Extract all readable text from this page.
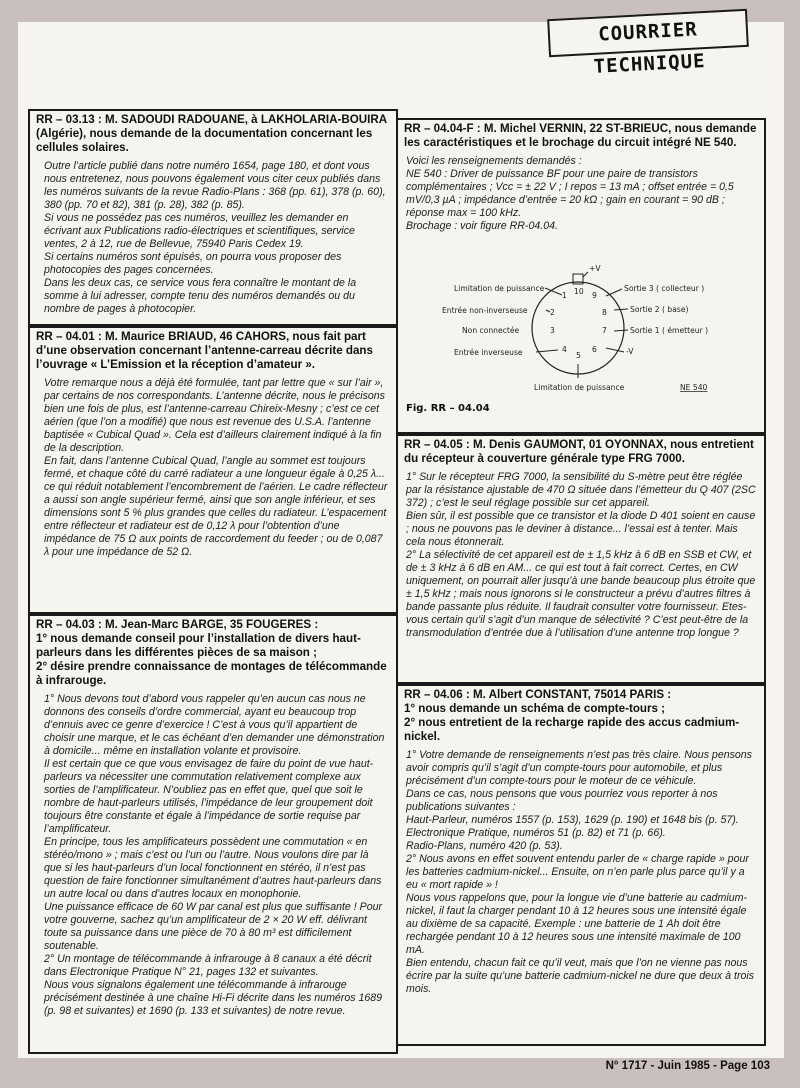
COURRIER TECHNIQUE
RR – 03.13 : M. SADOUDI RADOUANE, à LAKHOLARIA-BOUIRA (Algérie), nous demande de la documentation concernant les cellules solaires.

Outre l’article publié dans notre numéro 1654, page 180, et dont vous nous entretenez, nous pouvons également vous citer ceux publiés dans les numéros suivants de la revue Radio-Plans : 368 (pp. 61), 378 (p. 60), 380 (pp. 70 et 82), 381 (p. 28), 382 (p. 85).

Si vous ne possédez pas ces numéros, veuillez les demander en écrivant aux Publications radio-électriques et scientifiques, service ventes, 2 à 12, rue de Bellevue, 75940 Paris Cedex 19.

Si certains numéros sont épuisés, on pourra vous proposer des photocopies des pages concernées.

Dans les deux cas, ce service vous fera connaître le montant de la somme à lui adresser, compte tenu des numéros demandés ou du nombre de pages à photocopier.

RR – 04.01 : M. Maurice BRIAUD, 46 CAHORS, nous fait part d’une observation concernant l’antenne-carreau décrite dans l’ouvrage « L’Emission et la réception d’amateur ».

Votre remarque nous a déjà été formulée, tant par lettre que « sur l’air », par certains de nos correspondants. L’antenne décrite, nous le précisons bien une fois de plus, est l’antenne-carreau Chireix-Mesny ; c’est ce cet aérien (que l’on a modifié) que nous est revenue des U.S.A. l’antenne baptisée « Cubical Quad ». Cela est d’ailleurs clairement indiqué à la fin de la description.

En fait, dans l’antenne Cubical Quad, l’angle au sommet est toujours fermé, et chaque côté du carré radiateur a une longueur égale à 0,25 λ... ce qui réduit notablement l’encombrement de l’aérien. Le cadre réflecteur a aussi son angle supérieur fermé, ainsi que son angle inférieur, et ses dimensions sont 5 % plus grandes que celles du radiateur. L’espacement entre réflecteur et radiateur est de 0,12 λ pour l’obtention d’une impédance de 75 Ω aux points de raccordement du feeder ; ou de 0,087 λ pour une impédance de 52 Ω.

RR – 04.03 : M. Jean-Marc BARGE, 35 FOUGERES :
1° nous demande conseil pour l’installation de divers haut-parleurs dans les différentes pièces de sa maison ;
2° désire prendre connaissance de montages de télécommande à infrarouge.

1° Nous devons tout d’abord vous rappeler qu’en aucun cas nous ne donnons des conseils d’ordre commercial, ayant eu beaucoup trop d’ennuis avec ce genre d’exercice ! C’est à vous qu’il appartient de choisir une marque, et le cas échéant d’en demander une démonstration à domicile... même en installation volante et provisoire.

Il est certain que ce que vous envisagez de faire du point de vue haut-parleurs va nécessiter une commutation relativement complexe aux sorties de l’amplificateur. N’oubliez pas en effet que, quel que soit le nombre de haut-parleurs utilisés, l’impédance de leur groupement doit toujours être constante et égale à l’impédance de sortie requise par l’amplificateur.

En principe, tous les amplificateurs possèdent une commutation « en stéréo/mono » ; mais c’est ou l’un ou l’autre. Nous voulons dire par là que si les haut-parleurs d’un local fonctionnent en stéréo, il n’est pas question de faire fonctionner simultanément d’autres haut-parleurs dans un autre local ou dans d’autres locaux en monophonie.

Une puissance efficace de 60 W par canal est plus que suffisante ! Pour votre gouverne, sachez qu’un amplificateur de 2 × 20 W eff. délivrant toute sa puissance dans une pièce de 70 à 80 m³ est difficilement soutenable.

2° Un montage de télécommande à infrarouge à 8 canaux a été décrit dans Electronique Pratique N° 21, pages 132 et suivantes.

Nous vous signalons également une télécommande à infrarouge précisément destinée à une chaîne Hi-Fi décrite dans les numéros 1689 (p. 98 et suivantes) et 1690 (p. 133 et suivantes) de notre revue.

RR – 04.04-F : M. Michel VERNIN, 22 ST-BRIEUC, nous demande les caractéristiques et le brochage du circuit intégré NE 540.

Voici les renseignements demandés :

NE 540 : Driver de puissance BF pour une paire de transistors complémentaires ; Vcc = ± 22 V ; I repos = 13 mA ; offset entrée = 0,5 mV/0,3 µA ; impédance d’entrée = 20 kΩ ; gain en courant = 90 dB ; réponse max = 100 kHz.

Brochage : voir figure RR-04.04.

+V
Limitation de puissance
Entrée non-inverseuse
Non connectée
Entrée inverseuse
Limitation de puissance
Sortie 3 ( collecteur )
Sortie 2 ( base)
Sortie 1 ( émetteur )
-V
1
2
3
4
5
6
7
8
9
10
NE 540
Fig. RR – 04.04
RR – 04.05 : M. Denis GAUMONT, 01 OYONNAX, nous entretient du récepteur à couverture générale type FRG 7000.

1° Sur le récepteur FRG 7000, la sensibilité du S-mètre peut être réglée par la résistance ajustable de 470 Ω située dans l’émetteur du Q 407 (2SC 372) ; c’est le seul réglage possible sur cet appareil.

Bien sûr, il est possible que ce transistor et la diode D 401 soient en cause ; nous ne pouvons pas le deviner à distance... l’essai est à tenter. Mais cela nous étonnerait.

2° La sélectivité de cet appareil est de ± 1,5 kHz à 6 dB en SSB et CW, et de ± 3 kHz à 6 dB en AM... ce qui est tout à fait correct. Certes, en CW uniquement, on pourrait aller jusqu’à une bande beaucoup plus étroite que ± 1,5 kHz ; mais nous ignorons si le constructeur a prévu d’autres filtres à bande passante plus réduite. Il faudrait consulter votre fournisseur. Etes-vous certain qu’il s’agit d’un manque de sélectivité ? C’est peut-être de la transmodulation d’entrée due à l’utilisation d’une antenne trop longue ?

RR – 04.06 : M. Albert CONSTANT, 75014 PARIS :
1° nous demande un schéma de compte-tours ;
2° nous entretient de la recharge rapide des accus cadmium-nickel.

1° Votre demande de renseignements n’est pas très claire. Nous pensons avoir compris qu’il s’agit d’un compte-tours pour automobile, et plus précisément d’un compte-tours pour le moteur de ce véhicule.

Dans ce cas, nous pensons que vous pourriez vous reporter à nos publications suivantes :

Haut-Parleur, numéros 1557 (p. 153), 1629 (p. 190) et 1648 bis (p. 57).

Electronique Pratique, numéros 51 (p. 82) et 71 (p. 66).

Radio-Plans, numéro 420 (p. 53).

2° Nous avons en effet souvent entendu parler de « charge rapide » pour les batteries cadmium-nickel... Ensuite, on n’en parle plus parce qu’il y a eu « mort rapide » !

Nous vous rappelons que, pour la longue vie d’une batterie au cadmium-nickel, il faut la charger pendant 10 à 12 heures sous une intensité égale au dixième de sa capacité. Exemple : une batterie de 1 Ah doit être rechargée pendant 10 à 12 heures sous une intensité maximale de 100 mA.

Bien entendu, chacun fait ce qu’il veut, mais que l’on ne vienne pas nous écrire par la suite qu’une batterie cadmium-nickel ne dure que deux à trois mois.

N° 1717 - Juin 1985 - Page 103
